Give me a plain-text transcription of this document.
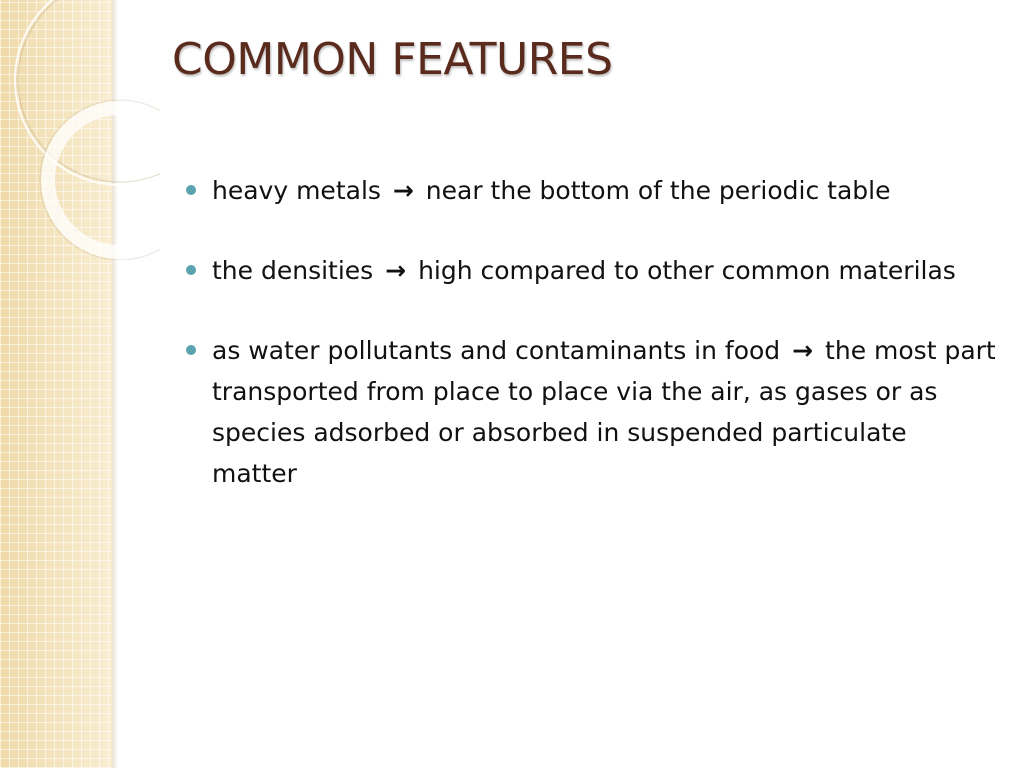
COMMON FEATURES
heavy metals → near the bottom of the periodic table
the densities → high compared to other common materilas
as water pollutants and contaminants in food → the most part transported from place to place via the air, as gases or as species adsorbed or absorbed in suspended particulate matter
